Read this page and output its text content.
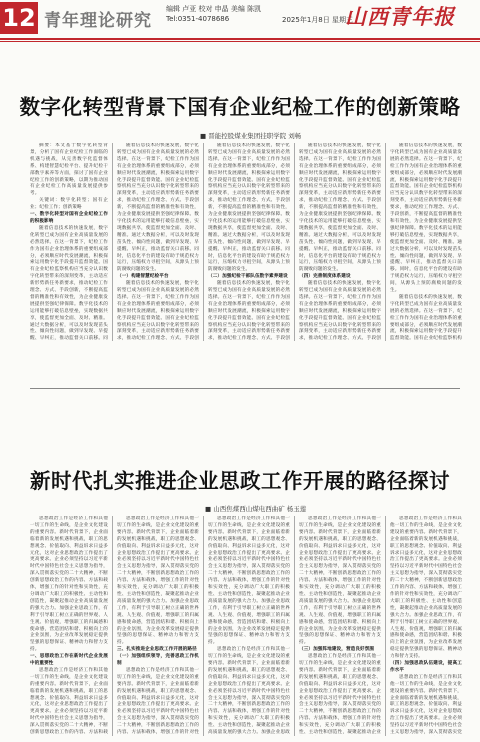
12 青年理论研究
编辑 卢亚 校对 申晶 美编 陈凯
Tel:0351-4078686	2025年1月8日 星期三
山西青年报
数字化转型背景下国有企业纪检工作的创新策略
■ 晋能控股煤业集团挂职学院 刘畅

摘要：本文基于数字化转型背景，分析了国有企业纪检工作面临的机遇与挑战，从完善数字化监督体系、构建智慧纪检平台、提升纪检干部数字素养等方面，探讨了国有企业纪检工作的创新策略，以期为推动国有企业纪检工作高质量发展提供参考。

关键词：数字化转型；国有企业；纪检工作；创新策略

一、数字化转型对国有企业纪检工作的积极影响

随着信息技术的快速发展，数字化转型已成为国有企业高质量发展的必然选择。在这一背景下，纪检工作作为国有企业治理体系的重要组成部分，必须顺应时代发展潮流，积极探索运用数字化手段提升监督效能。国有企业纪检监察机构应当充分认识数字化转型带来的深刻变革，主动适应新形势新任务新要求，推动纪检工作理念、方式、手段创新，不断提高监督的精准性和有效性，为企业健康发展提供坚强纪律保障。数字化技术的运用能够打破信息壁垒，实现数据共享，使监督更加全面、及时、精准。通过大数据分析，可以及时发现苗头性、倾向性问题，做到早发现、早提醒、早纠正，推动监督关口前移。同

随着信息技术的快速发展，数字化转型已成为国有企业高质量发展的必然选择。在这一背景下，纪检工作作为国有企业治理体系的重要组成部分，必须顺应时代发展潮流，积极探索运用数字化手段提升监督效能。国有企业纪检监察机构应当充分认识数字化转型带来的深刻变革，主动适应新形势新任务新要求，推动纪检工作理念、方式、手段创新，不断提高监督的精准性和有效性，为企业健康发展提供坚强纪律保障。数字化技术的运用能够打破信息壁垒，实现数据共享，使监督更加全面、及时、精准。通过大数据分析，可以及时发现苗头性、倾向性问题，做到早发现、早提醒、早纠正，推动监督关口前移。同时，信息化平台的建设有助于规范权力运行，压缩权力寻租空间，从源头上预防腐败问题的发生。

（一）构建智慧纪检平台

随着信息技术的快速发展，数字化转型已成为国有企业高质量发展的必然选择。在这一背景下，纪检工作作为国有企业治理体系的重要组成部分，必须顺应时代发展潮流，积极探索运用数字化手段提升监督效能。国有企业纪检监察机构应当充分认识数字化转型带来的深刻变革，主动适应新形势新任务新要求，推动纪检工作理念、方式、手段创

随着信息技术的快速发展，数字化转型已成为国有企业高质量发展的必然选择。在这一背景下，纪检工作作为国有企业治理体系的重要组成部分，必须顺应时代发展潮流，积极探索运用数字化手段提升监督效能。国有企业纪检监察机构应当充分认识数字化转型带来的深刻变革，主动适应新形势新任务新要求，推动纪检工作理念、方式、手段创新，不断提高监督的精准性和有效性，为企业健康发展提供坚强纪律保障。数字化技术的运用能够打破信息壁垒，实现数据共享，使监督更加全面、及时、精准。通过大数据分析，可以及时发现苗头性、倾向性问题，做到早发现、早提醒、早纠正，推动监督关口前移。同时，信息化平台的建设有助于规范权力运行，压缩权力寻租空间，从源头上预防腐败问题的发生。

（二）加强纪检干部队伍数字素养建设

随着信息技术的快速发展，数字化转型已成为国有企业高质量发展的必然选择。在这一背景下，纪检工作作为国有企业治理体系的重要组成部分，必须顺应时代发展潮流，积极探索运用数字化手段提升监督效能。国有企业纪检监察机构应当充分认识数字化转型带来的深刻变革，主动适应新形势新任务新要求，推动纪检工作理念、方式、手段创

随着信息技术的快速发展，数字化转型已成为国有企业高质量发展的必然选择。在这一背景下，纪检工作作为国有企业治理体系的重要组成部分，必须顺应时代发展潮流，积极探索运用数字化手段提升监督效能。国有企业纪检监察机构应当充分认识数字化转型带来的深刻变革，主动适应新形势新任务新要求，推动纪检工作理念、方式、手段创新，不断提高监督的精准性和有效性，为企业健康发展提供坚强纪律保障。数字化技术的运用能够打破信息壁垒，实现数据共享，使监督更加全面、及时、精准。通过大数据分析，可以及时发现苗头性、倾向性问题，做到早发现、早提醒、早纠正，推动监督关口前移。同时，信息化平台的建设有助于规范权力运行，压缩权力寻租空间，从源头上预防腐败问题的发生。

（四）完善制度体系建设

随着信息技术的快速发展，数字化转型已成为国有企业高质量发展的必然选择。在这一背景下，纪检工作作为国有企业治理体系的重要组成部分，必须顺应时代发展潮流，积极探索运用数字化手段提升监督效能。国有企业纪检监察机构应当充分认识数字化转型带来的深刻变革，主动适应新形势新任务新要求，推动纪检工作理念、方式、手段创

随着信息技术的快速发展，数字化转型已成为国有企业高质量发展的必然选择。在这一背景下，纪检工作作为国有企业治理体系的重要组成部分，必须顺应时代发展潮流，积极探索运用数字化手段提升监督效能。国有企业纪检监察机构应当充分认识数字化转型带来的深刻变革，主动适应新形势新任务新要求，推动纪检工作理念、方式、手段创新，不断提高监督的精准性和有效性，为企业健康发展提供坚强纪律保障。数字化技术的运用能够打破信息壁垒，实现数据共享，使监督更加全面、及时、精准。通过大数据分析，可以及时发现苗头性、倾向性问题，做到早发现、早提醒、早纠正，推动监督关口前移。同时，信息化平台的建设有助于规范权力运行，压缩权力寻租空间，从源头上预防腐败问题的发生。

随着信息技术的快速发展，数字化转型已成为国有企业高质量发展的必然选择。在这一背景下，纪检工作作为国有企业治理体系的重要组成部分，必须顺应时代发展潮流，积极探索运用数字化手段提升监督效能。国有企业纪检监察机构

新时代扎实推进企业思政工作开展的路径探讨
■ 山西焦煤西山煤电西曲矿 杨玉莲

思想政治工作是经济工作和其他一切工作的生命线，是企业文化建设的重要内容。新时代背景下，企业面临着新的发展机遇和挑战，职工的思想观念、价值取向、利益诉求日益多元化，这对企业思想政治工作提出了更高要求。企业必须坚持以习近平新时代中国特色社会主义思想为指导，深入贯彻落实党的二十大精神，不断创新思想政治工作的内容、方法和载体，增强工作的针对性和实效性，充分调动广大职工的积极性、主动性和创造性，凝聚起推动企业高质量发展的强大合力。加强企业思政工作，有利于引导职工树立正确的世界观、人生观、价值观，增强职工的归属感和使命感，营造团结和谐、积极向上的企业氛围，为企业改革发展稳定提供坚强的思想保证、精神动力和智力支持。

一、思想政治工作在新时代企业发展中的重要性

思想政治工作是经济工作和其他一切工作的生命线，是企业文化建设的重要内容。新时代背景下，企业面临着新的发展机遇和挑战，职工的思想观念、价值取向、利益诉求日益多元化，这对企业思想政治工作提出了更高要求。企业必须坚持以习近平新时代中国特色社会主义思想为指导，深入贯彻落实党的二十大精神，不断创新思想政治工作的内容、方法和载

思想政治工作是经济工作和其他一切工作的生命线，是企业文化建设的重要内容。新时代背景下，企业面临着新的发展机遇和挑战，职工的思想观念、价值取向、利益诉求日益多元化，这对企业思想政治工作提出了更高要求。企业必须坚持以习近平新时代中国特色社会主义思想为指导，深入贯彻落实党的二十大精神，不断创新思想政治工作的内容、方法和载体，增强工作的针对性和实效性，充分调动广大职工的积极性、主动性和创造性，凝聚起推动企业高质量发展的强大合力。加强企业思政工作，有利于引导职工树立正确的世界观、人生观、价值观，增强职工的归属感和使命感，营造团结和谐、积极向上的企业氛围，为企业改革发展稳定提供坚强的思想保证、精神动力和智力支持。

三、扎实推进企业思政工作开展的路径

（一）加强组织领导，完善思政工作机制

思想政治工作是经济工作和其他一切工作的生命线，是企业文化建设的重要内容。新时代背景下，企业面临着新的发展机遇和挑战，职工的思想观念、价值取向、利益诉求日益多元化，这对企业思想政治工作提出了更高要求。企业必须坚持以习近平新时代中国特色社会主义思想为指导，深入贯彻落实党的二十大精神，不断创新思想政治工作的内容、方法和载体，增强工作的针对性

思想政治工作是经济工作和其他一切工作的生命线，是企业文化建设的重要内容。新时代背景下，企业面临着新的发展机遇和挑战，职工的思想观念、价值取向、利益诉求日益多元化，这对企业思想政治工作提出了更高要求。企业必须坚持以习近平新时代中国特色社会主义思想为指导，深入贯彻落实党的二十大精神，不断创新思想政治工作的内容、方法和载体，增强工作的针对性和实效性，充分调动广大职工的积极性、主动性和创造性，凝聚起推动企业高质量发展的强大合力。加强企业思政工作，有利于引导职工树立正确的世界观、人生观、价值观，增强职工的归属感和使命感，营造团结和谐、积极向上的企业氛围，为企业改革发展稳定提供坚强的思想保证、精神动力和智力支持。

思想政治工作是经济工作和其他一切工作的生命线，是企业文化建设的重要内容。新时代背景下，企业面临着新的发展机遇和挑战，职工的思想观念、价值取向、利益诉求日益多元化，这对企业思想政治工作提出了更高要求。企业必须坚持以习近平新时代中国特色社会主义思想为指导，深入贯彻落实党的二十大精神，不断创新思想政治工作的内容、方法和载体，增强工作的针对性和实效性，充分调动广大职工的积极性、主动性和创造性，凝聚起推动企业高质量发展的强大合力。加强企业思政

思想政治工作是经济工作和其他一切工作的生命线，是企业文化建设的重要内容。新时代背景下，企业面临着新的发展机遇和挑战，职工的思想观念、价值取向、利益诉求日益多元化，这对企业思想政治工作提出了更高要求。企业必须坚持以习近平新时代中国特色社会主义思想为指导，深入贯彻落实党的二十大精神，不断创新思想政治工作的内容、方法和载体，增强工作的针对性和实效性，充分调动广大职工的积极性、主动性和创造性，凝聚起推动企业高质量发展的强大合力。加强企业思政工作，有利于引导职工树立正确的世界观、人生观、价值观，增强职工的归属感和使命感，营造团结和谐、积极向上的企业氛围，为企业改革发展稳定提供坚强的思想保证、精神动力和智力支持。

（三）加强阵地建设，营造良好氛围

思想政治工作是经济工作和其他一切工作的生命线，是企业文化建设的重要内容。新时代背景下，企业面临着新的发展机遇和挑战，职工的思想观念、价值取向、利益诉求日益多元化，这对企业思想政治工作提出了更高要求。企业必须坚持以习近平新时代中国特色社会主义思想为指导，深入贯彻落实党的二十大精神，不断创新思想政治工作的内容、方法和载体，增强工作的针对性和实效性，充分调动广大职工的积极性、主动性和创造性，凝聚起推动企业

思想政治工作是经济工作和其他一切工作的生命线，是企业文化建设的重要内容。新时代背景下，企业面临着新的发展机遇和挑战，职工的思想观念、价值取向、利益诉求日益多元化，这对企业思想政治工作提出了更高要求。企业必须坚持以习近平新时代中国特色社会主义思想为指导，深入贯彻落实党的二十大精神，不断创新思想政治工作的内容、方法和载体，增强工作的针对性和实效性，充分调动广大职工的积极性、主动性和创造性，凝聚起推动企业高质量发展的强大合力。加强企业思政工作，有利于引导职工树立正确的世界观、人生观、价值观，增强职工的归属感和使命感，营造团结和谐、积极向上的企业氛围，为企业改革发展稳定提供坚强的思想保证、精神动力和智力支持。

（四）加强思政队伍建设，提高工作水平

思想政治工作是经济工作和其他一切工作的生命线，是企业文化建设的重要内容。新时代背景下，企业面临着新的发展机遇和挑战，职工的思想观念、价值取向、利益诉求日益多元化，这对企业思想政治工作提出了更高要求。企业必须坚持以习近平新时代中国特色社会主义思想为指导，深入贯彻落实党
